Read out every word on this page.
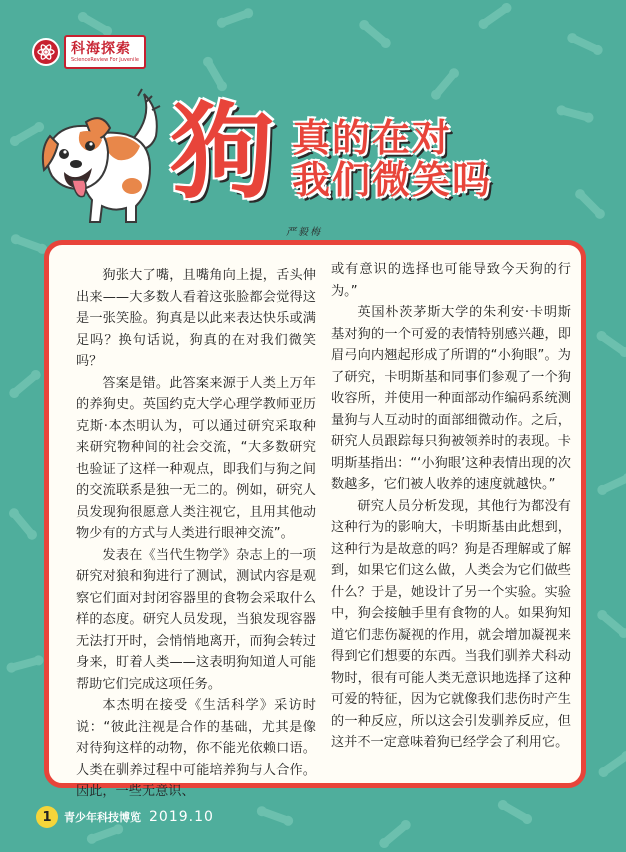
科海探索
ScienceReview For Juvenile
狗 真的在对
我们微笑吗
严毅梅

狗张大了嘴，且嘴角向上提，舌头伸出来——大多数人看着这张脸都会觉得这是一张笑脸。狗真是以此来表达快乐或满足吗？换句话说，狗真的在对我们微笑吗？

答案是错。此答案来源于人类上万年的养狗史。英国约克大学心理学教师亚历克斯·本杰明认为，可以通过研究采取种来研究物种间的社会交流，“大多数研究也验证了这样一种观点，即我们与狗之间的交流联系是独一无二的。例如，研究人员发现狗很愿意人类注视它，且用其他动物少有的方式与人类进行眼神交流”。

发表在《当代生物学》杂志上的一项研究对狼和狗进行了测试，测试内容是观察它们面对封闭容器里的食物会采取什么样的态度。研究人员发现，当狼发现容器无法打开时，会悄悄地离开，而狗会转过身来，盯着人类——这表明狗知道人可能帮助它们完成这项任务。

本杰明在接受《生活科学》采访时说：“彼此注视是合作的基础，尤其是像对待狗这样的动物，你不能光依赖口语。人类在驯养过程中可能培养狗与人合作。因此，一些无意识、

或有意识的选择也可能导致今天狗的行为。”

英国朴茨茅斯大学的朱利安·卡明斯基对狗的一个可爱的表情特别感兴趣，即眉弓向内翘起形成了所谓的“小狗眼”。为了研究，卡明斯基和同事们参观了一个狗收容所，并使用一种面部动作编码系统测量狗与人互动时的面部细微动作。之后，研究人员跟踪每只狗被领养时的表现。卡明斯基指出：“‘小狗眼’这种表情出现的次数越多，它们被人收养的速度就越快。”

研究人员分析发现，其他行为都没有这种行为的影响大，卡明斯基由此想到，这种行为是故意的吗？狗是否理解或了解到，如果它们这么做，人类会为它们做些什么？于是，她设计了另一个实验。实验中，狗会接触手里有食物的人。如果狗知道它们悲伤凝视的作用，就会增加凝视来得到它们想要的东西。当我们驯养犬科动物时，很有可能人类无意识地选择了这种可爱的特征，因为它就像我们悲伤时产生的一种反应，所以这会引发驯养反应，但这并不一定意味着狗已经学会了利用它。

1	青少年科技博览 2019.10
